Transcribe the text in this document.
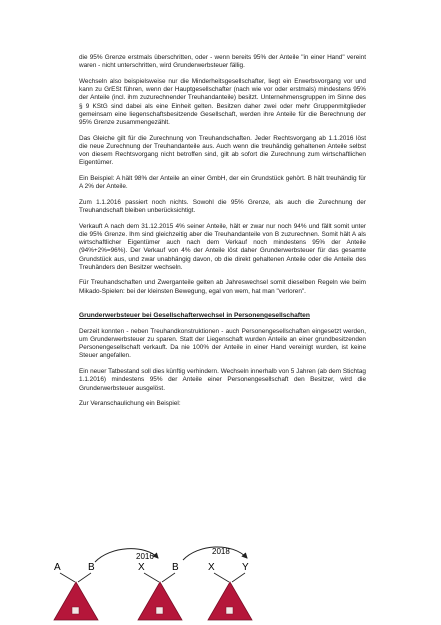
die 95% Grenze erstmals überschritten, oder - wenn bereits 95% der Anteile "in einer Hand" vereint waren - nicht unterschritten, wird Grunderwerbsteuer fällig.

Wechseln also beispielsweise nur die Minderheitsgesellschafter, liegt ein Erwerbsvorgang vor und kann zu GrESt führen, wenn der Hauptgesellschafter (nach wie vor oder erstmals) mindestens 95% der Anteile (incl. ihm zuzurechnender Treuhandanteile) besitzt. Unternehmensgruppen im Sinne des § 9 KStG sind dabei als eine Einheit gelten. Besitzen daher zwei oder mehr Gruppenmitglieder gemeinsam eine liegenschaftsbesitzende Gesellschaft, werden ihre Anteile für die Berechnung der 95% Grenze zusammengezählt.

Das Gleiche gilt für die Zurechnung von Treuhandschaften. Jeder Rechtsvorgang ab 1.1.2016 löst die neue Zurechnung der Treuhandanteile aus. Auch wenn die treuhändig gehaltenen Anteile selbst von diesem Rechtsvorgang nicht betroffen sind, gilt ab sofort die Zurechnung zum wirtschaftlichen Eigentümer.

Ein Beispiel: A hält 98% der Anteile an einer GmbH, der ein Grundstück gehört. B hält treuhändig für A 2% der Anteile.

Zum 1.1.2016 passiert noch nichts. Sowohl die 95% Grenze, als auch die Zurechnung der Treuhandschaft bleiben unberücksichtigt.

Verkauft A nach dem 31.12.2015 4% seiner Anteile, hält er zwar nur noch 94% und fällt somit unter die 95% Grenze. Ihm sind gleichzeitig aber die Treuhandanteile von B zuzurechnen. Somit hält A als wirtschaftlicher Eigentümer auch nach dem Verkauf noch mindestens 95% der Anteile (94%+2%=96%). Der Verkauf von 4% der Anteile löst daher Grunderwerbsteuer für das gesamte Grundstück aus, und zwar unabhängig davon, ob die direkt gehaltenen Anteile oder die Anteile des Treuhänders den Besitzer wechseln.

Für Treuhandschaften und Zwerganteile gelten ab Jahreswechsel somit dieselben Regeln wie beim Mikado-Spielen: bei der kleinsten Bewegung, egal von wem, hat man "verloren".

Grunderwerbsteuer bei Gesellschafterwechsel in Personengesellschaften

Derzeit konnten - neben Treuhandkonstruktionen - auch Personengesellschaften eingesetzt werden, um Grunderwerbsteuer zu sparen. Statt der Liegenschaft wurden Anteile an einer grundbesitzenden Personengesellschaft verkauft. Da nie 100% der Anteile in einer Hand vereinigt wurden, ist keine Steuer angefallen.

Ein neuer Tatbestand soll dies künftig verhindern. Wechseln innerhalb von 5 Jahren (ab dem Stichtag 1.1.2016) mindestens 95% der Anteile einer Personengesellschaft den Besitzer, wird die Grunderwerbsteuer ausgelöst.

Zur Veranschaulichung ein Beispiel:

2016
2018
A	B	X	B	X	Y
